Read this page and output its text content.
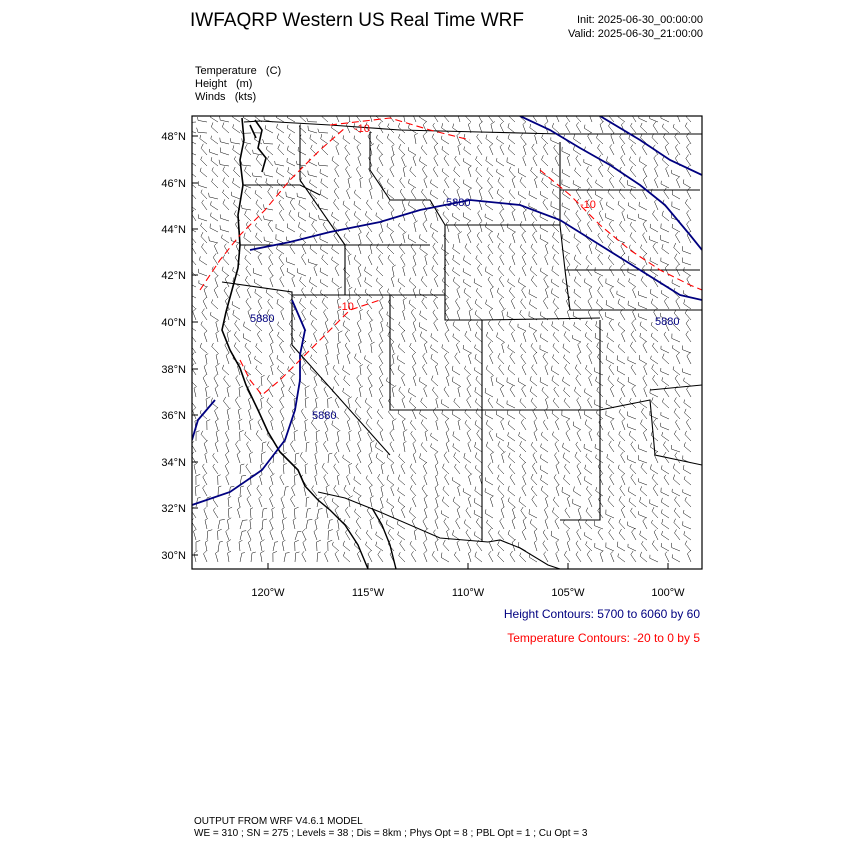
IWFAQRP Western US Real Time WRF	Init: 2025-06-30_00:00:00
Valid: 2025-06-30_21:00:00
Temperature   (C)
Height   (m)
Winds   (kts)
5880
5880
5880
5880
-10
-10
-10
48°N
46°N
44°N
42°N
40°N
38°N
36°N
34°N
32°N
30°N
120°W	115°W	110°W	105°W	100°W
Height Contours: 5700 to 6060 by 60
Temperature Contours: -20 to 0 by 5
OUTPUT FROM WRF V4.6.1 MODEL
WE = 310 ; SN = 275 ; Levels = 38 ; Dis = 8km ; Phys Opt = 8 ; PBL Opt = 1 ; Cu Opt = 3
